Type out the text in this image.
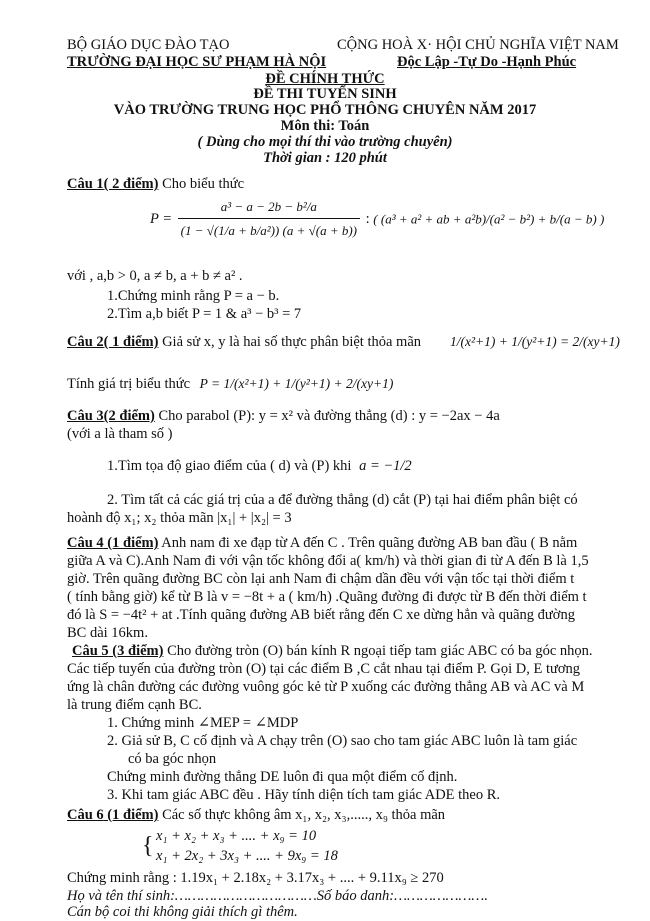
BỘ GIÁO DỤC ĐÀO TẠO
TRƯỜNG ĐẠI HỌC SƯ PHẠM HÀ NỘI
CỘNG HOÀ X· HỘI CHỦ NGHĨA VIỆT NAM
Độc Lập -Tự Do -Hạnh Phúc
ĐỀ CHÍNH THỨC
ĐỀ THI TUYỂN SINH
VÀO TRƯỜNG TRUNG HỌC PHỔ THÔNG CHUYÊN NĂM 2017
Môn thi: Toán
( Dùng cho mọi thí thi vào trường chuyên)
Thời gian : 120 phút
Câu 1( 2 điểm) Cho biểu thức
$P = \frac{\text{a³ − a − 2b − b²/a}}{\text{(1 − √(1/a + b/a²)) (a + √(a + b))}}$ : ( (a³ + a² + ab + a²b)/(a² − b²) + b/(a − b) )
với , a,b > 0, a ≠ b, a + b ≠ a² .
1.Chứng minh rằng P = a − b.
2.Tìm a,b biết P = 1 & a³ − b³ = 7
Câu 2( 1 điểm) Giả sử x, y là hai số thực phân biệt thỏa mãn 1/(x²+1) + 1/(y²+1) = 2/(xy+1)
Tính giá trị biểu thức P = 1/(x²+1) + 1/(y²+1) + 2/(xy+1)
Câu 3(2 điểm) Cho parabol (P): y = x² và đường thẳng (d) : y = −2ax − 4a
(với a là tham số )
1.Tìm tọa độ giao điểm của ( d) và (P) khi a = −1/2
2. Tìm tất cả các giá trị của a để đường thẳng (d) cắt (P) tại hai điểm phân biệt có
hoành độ x₁; x₂ thỏa mãn |x₁| + |x₂| = 3
Câu 4 (1 điểm) Anh nam đi xe đạp từ A đến C . Trên quãng đường AB ban đầu ( B nằm
giữa A và C).Anh Nam đi với vận tốc không đổi a( km/h) và thời gian đi từ A đến B là 1,5
giờ. Trên quãng đường BC còn lại anh Nam đi chậm dần đều với vận tốc tại thời điểm t
( tính bằng giờ) kể từ B là v = −8t + a ( km/h) .Quãng đường đi được từ B đến thời điểm t
đó là S = −4t² + at .Tính quãng đường AB biết rằng đến C xe dừng hẳn và quãng đường
BC dài 16km.
Câu 5 (3 điểm) Cho đường tròn (O) bán kính R ngoại tiếp tam giác ABC có ba góc nhọn.
Các tiếp tuyến của đường tròn (O) tại các điểm B ,C cắt nhau tại điểm P. Gọi D, E tương
ứng là chân đường các đường vuông góc kẻ từ P xuống các đường thẳng AB và AC và M
là trung điểm cạnh BC.
1. Chứng minh ∠MEP = ∠MDP
2. Giả sử B, C cố định và A chạy trên (O) sao cho tam giác ABC luôn là tam giác
có ba góc nhọn
Chứng minh đường thẳng DE luôn đi qua một điểm cố định.
3. Khi tam giác ABC đều . Hãy tính diện tích tam giác ADE theo R.
Câu 6 (1 điểm) Các số thực không âm x₁, x₂, x₃,....., x₉ thỏa mãn
{ x₁ + x₂ + x₃ + .... + x₉ = 10
x₁ + 2x₂ + 3x₃ + .... + 9x₉ = 18
Chứng minh rằng : 1.19x₁ + 2.18x₂ + 3.17x₃ + .... + 9.11x₉ ≥ 270
Họ và tên thí sinh:……………………………Số báo danh:………………….
Cán bộ coi thi không giải thích gì thêm.
